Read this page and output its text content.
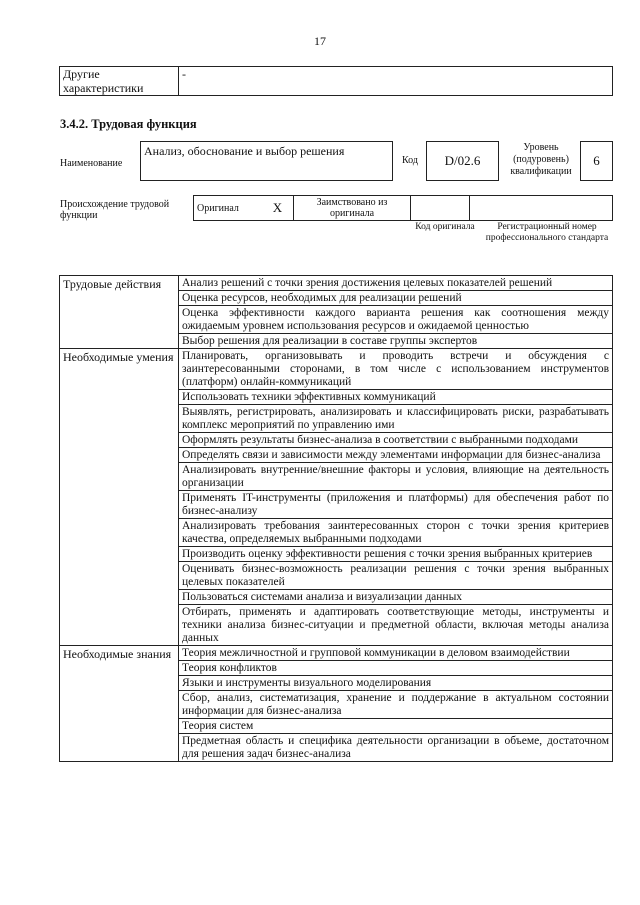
17
Другие характеристики	-
3.4.2. Трудовая функция
Наименование
Анализ, обоснование и выбор решения
Код	D/02.6
Уровень (подуровень) квалификации
6
Происхождение трудовой функции
Оригинал	X	Заимствовано из оригинала		
Код оригинала	Регистрационный номер профессионального стандарта
Трудовые действия	Анализ решений с точки зрения достижения целевых показателей решений
	Оценка ресурсов, необходимых для реализации решений
	Оценка эффективности каждого варианта решения как соотношения между ожидаемым уровнем использования ресурсов и ожидаемой ценностью
	Выбор решения для реализации в составе группы экспертов
Необходимые умения	Планировать, организовывать и проводить встречи и обсуждения с заинтересованными сторонами, в том числе с использованием инструментов (платформ) онлайн-коммуникаций
	Использовать техники эффективных коммуникаций
	Выявлять, регистрировать, анализировать и классифицировать риски, разрабатывать комплекс мероприятий по управлению ими
	Оформлять результаты бизнес-анализа в соответствии с выбранными подходами
	Определять связи и зависимости между элементами информации для бизнес-анализа
	Анализировать внутренние/внешние факторы и условия, влияющие на деятельность организации
	Применять IT-инструменты (приложения и платформы) для обеспечения работ по бизнес-анализу
	Анализировать требования заинтересованных сторон с точки зрения критериев качества, определяемых выбранными подходами
	Производить оценку эффективности решения с точки зрения выбранных критериев
	Оценивать бизнес-возможность реализации решения с точки зрения выбранных целевых показателей
	Пользоваться системами анализа и визуализации данных
	Отбирать, применять и адаптировать соответствующие методы, инструменты и техники анализа бизнес-ситуации и предметной области, включая методы анализа данных
Необходимые знания	Теория межличностной и групповой коммуникации в деловом взаимодействии
	Теория конфликтов
	Языки и инструменты визуального моделирования
	Сбор, анализ, систематизация, хранение и поддержание в актуальном состоянии информации для бизнес-анализа
	Теория систем
	Предметная область и специфика деятельности организации в объеме, достаточном для решения задач бизнес-анализа
